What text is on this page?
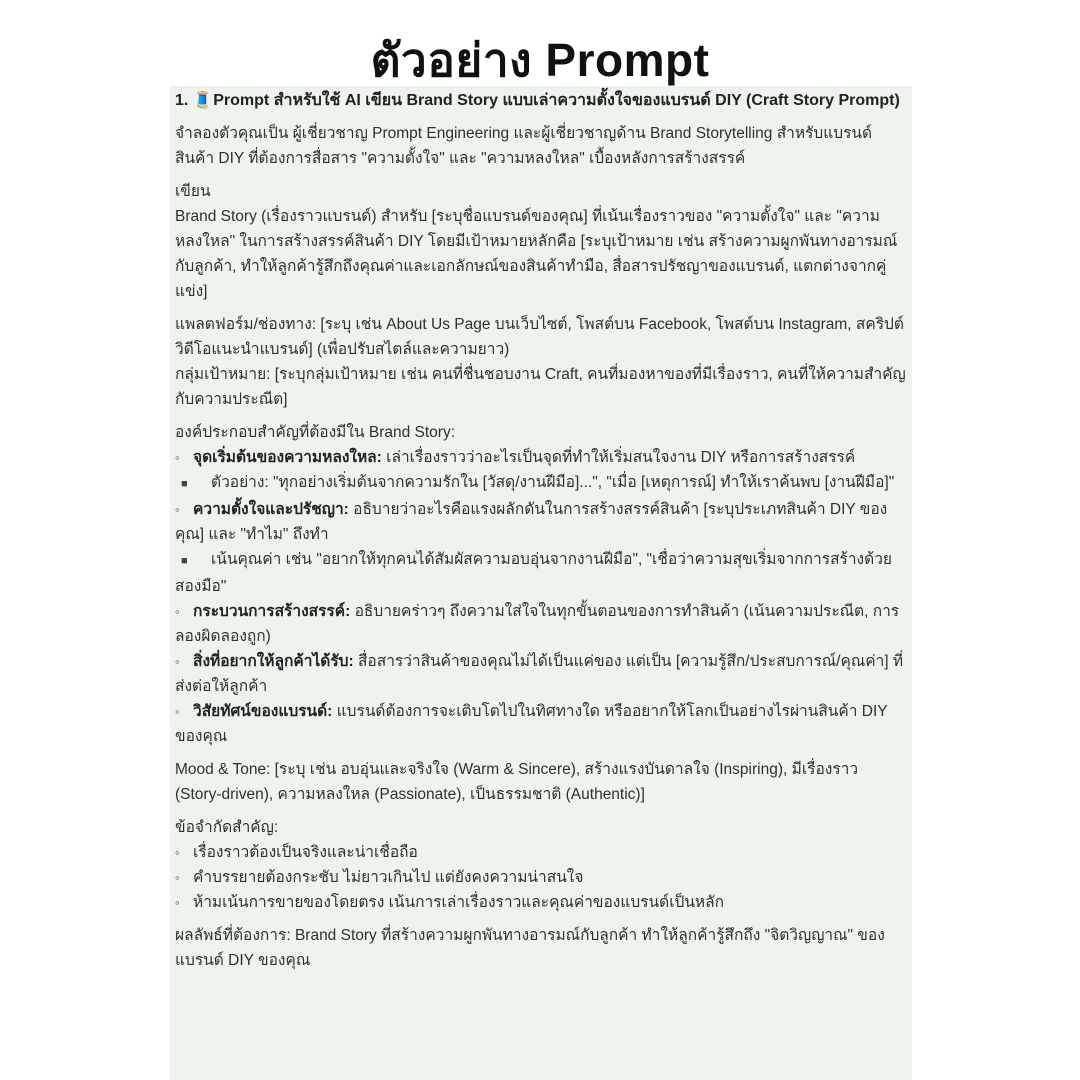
ตัวอย่าง Prompt
1. 🧵 Prompt สำหรับใช้ AI เขียน Brand Story แบบเล่าความตั้งใจของแบรนด์ DIY (Craft Story Prompt)

จำลองตัวคุณเป็น ผู้เชี่ยวชาญ Prompt Engineering และผู้เชี่ยวชาญด้าน Brand Storytelling สำหรับแบรนด์สินค้า DIY ที่ต้องการสื่อสาร "ความตั้งใจ" และ "ความหลงใหล" เบื้องหลังการสร้างสรรค์

เขียน
Brand Story (เรื่องราวแบรนด์) สำหรับ [ระบุชื่อแบรนด์ของคุณ] ที่เน้นเรื่องราวของ "ความตั้งใจ" และ "ความหลงใหล" ในการสร้างสรรค์สินค้า DIY โดยมีเป้าหมายหลักคือ [ระบุเป้าหมาย เช่น สร้างความผูกพันทางอารมณ์กับลูกค้า, ทำให้ลูกค้ารู้สึกถึงคุณค่าและเอกลักษณ์ของสินค้าทำมือ, สื่อสารปรัชญาของแบรนด์, แตกต่างจากคู่แข่ง]

แพลตฟอร์ม/ช่องทาง: [ระบุ เช่น About Us Page บนเว็บไซต์, โพสต์บน Facebook, โพสต์บน Instagram, สคริปต์วิดีโอแนะนำแบรนด์] (เพื่อปรับสไตล์และความยาว)

กลุ่มเป้าหมาย: [ระบุกลุ่มเป้าหมาย เช่น คนที่ชื่นชอบงาน Craft, คนที่มองหาของที่มีเรื่องราว, คนที่ให้ความสำคัญกับความประณีต]

องค์ประกอบสำคัญที่ต้องมีใน Brand Story:
◦ จุดเริ่มต้นของความหลงใหล: เล่าเรื่องราวว่าอะไรเป็นจุดที่ทำให้เริ่มสนใจงาน DIY หรือการสร้างสรรค์
■ ตัวอย่าง: "ทุกอย่างเริ่มต้นจากความรักใน [วัสดุ/งานฝีมือ]...", "เมื่อ [เหตุการณ์] ทำให้เราค้นพบ [งานฝีมือ]"
◦ ความตั้งใจและปรัชญา: อธิบายว่าอะไรคือแรงผลักดันในการสร้างสรรค์สินค้า [ระบุประเภทสินค้า DIY ของคุณ] และ "ทำไม" ถึงทำ
■ เน้นคุณค่า เช่น "อยากให้ทุกคนได้สัมผัสความอบอุ่นจากงานฝีมือ", "เชื่อว่าความสุขเริ่มจากการสร้างด้วยสองมือ"
◦ กระบวนการสร้างสรรค์: อธิบายคร่าวๆ ถึงความใส่ใจในทุกขั้นตอนของการทำสินค้า (เน้นความประณีต, การลองผิดลองถูก)
◦ สิ่งที่อยากให้ลูกค้าได้รับ: สื่อสารว่าสินค้าของคุณไม่ได้เป็นแค่ของ แต่เป็น [ความรู้สึก/ประสบการณ์/คุณค่า] ที่ส่งต่อให้ลูกค้า
◦ วิสัยทัศน์ของแบรนด์: แบรนด์ต้องการจะเติบโตไปในทิศทางใด หรืออยากให้โลกเป็นอย่างไรผ่านสินค้า DIY ของคุณ

Mood & Tone: [ระบุ เช่น อบอุ่นและจริงใจ (Warm & Sincere), สร้างแรงบันดาลใจ (Inspiring), มีเรื่องราว (Story-driven), ความหลงใหล (Passionate), เป็นธรรมชาติ (Authentic)]

ข้อจำกัดสำคัญ:
◦ เรื่องราวต้องเป็นจริงและน่าเชื่อถือ
◦ คำบรรยายต้องกระชับ ไม่ยาวเกินไป แต่ยังคงความน่าสนใจ
◦ ห้ามเน้นการขายของโดยตรง เน้นการเล่าเรื่องราวและคุณค่าของแบรนด์เป็นหลัก

ผลลัพธ์ที่ต้องการ: Brand Story ที่สร้างความผูกพันทางอารมณ์กับลูกค้า ทำให้ลูกค้ารู้สึกถึง "จิตวิญญาณ" ของแบรนด์ DIY ของคุณ
